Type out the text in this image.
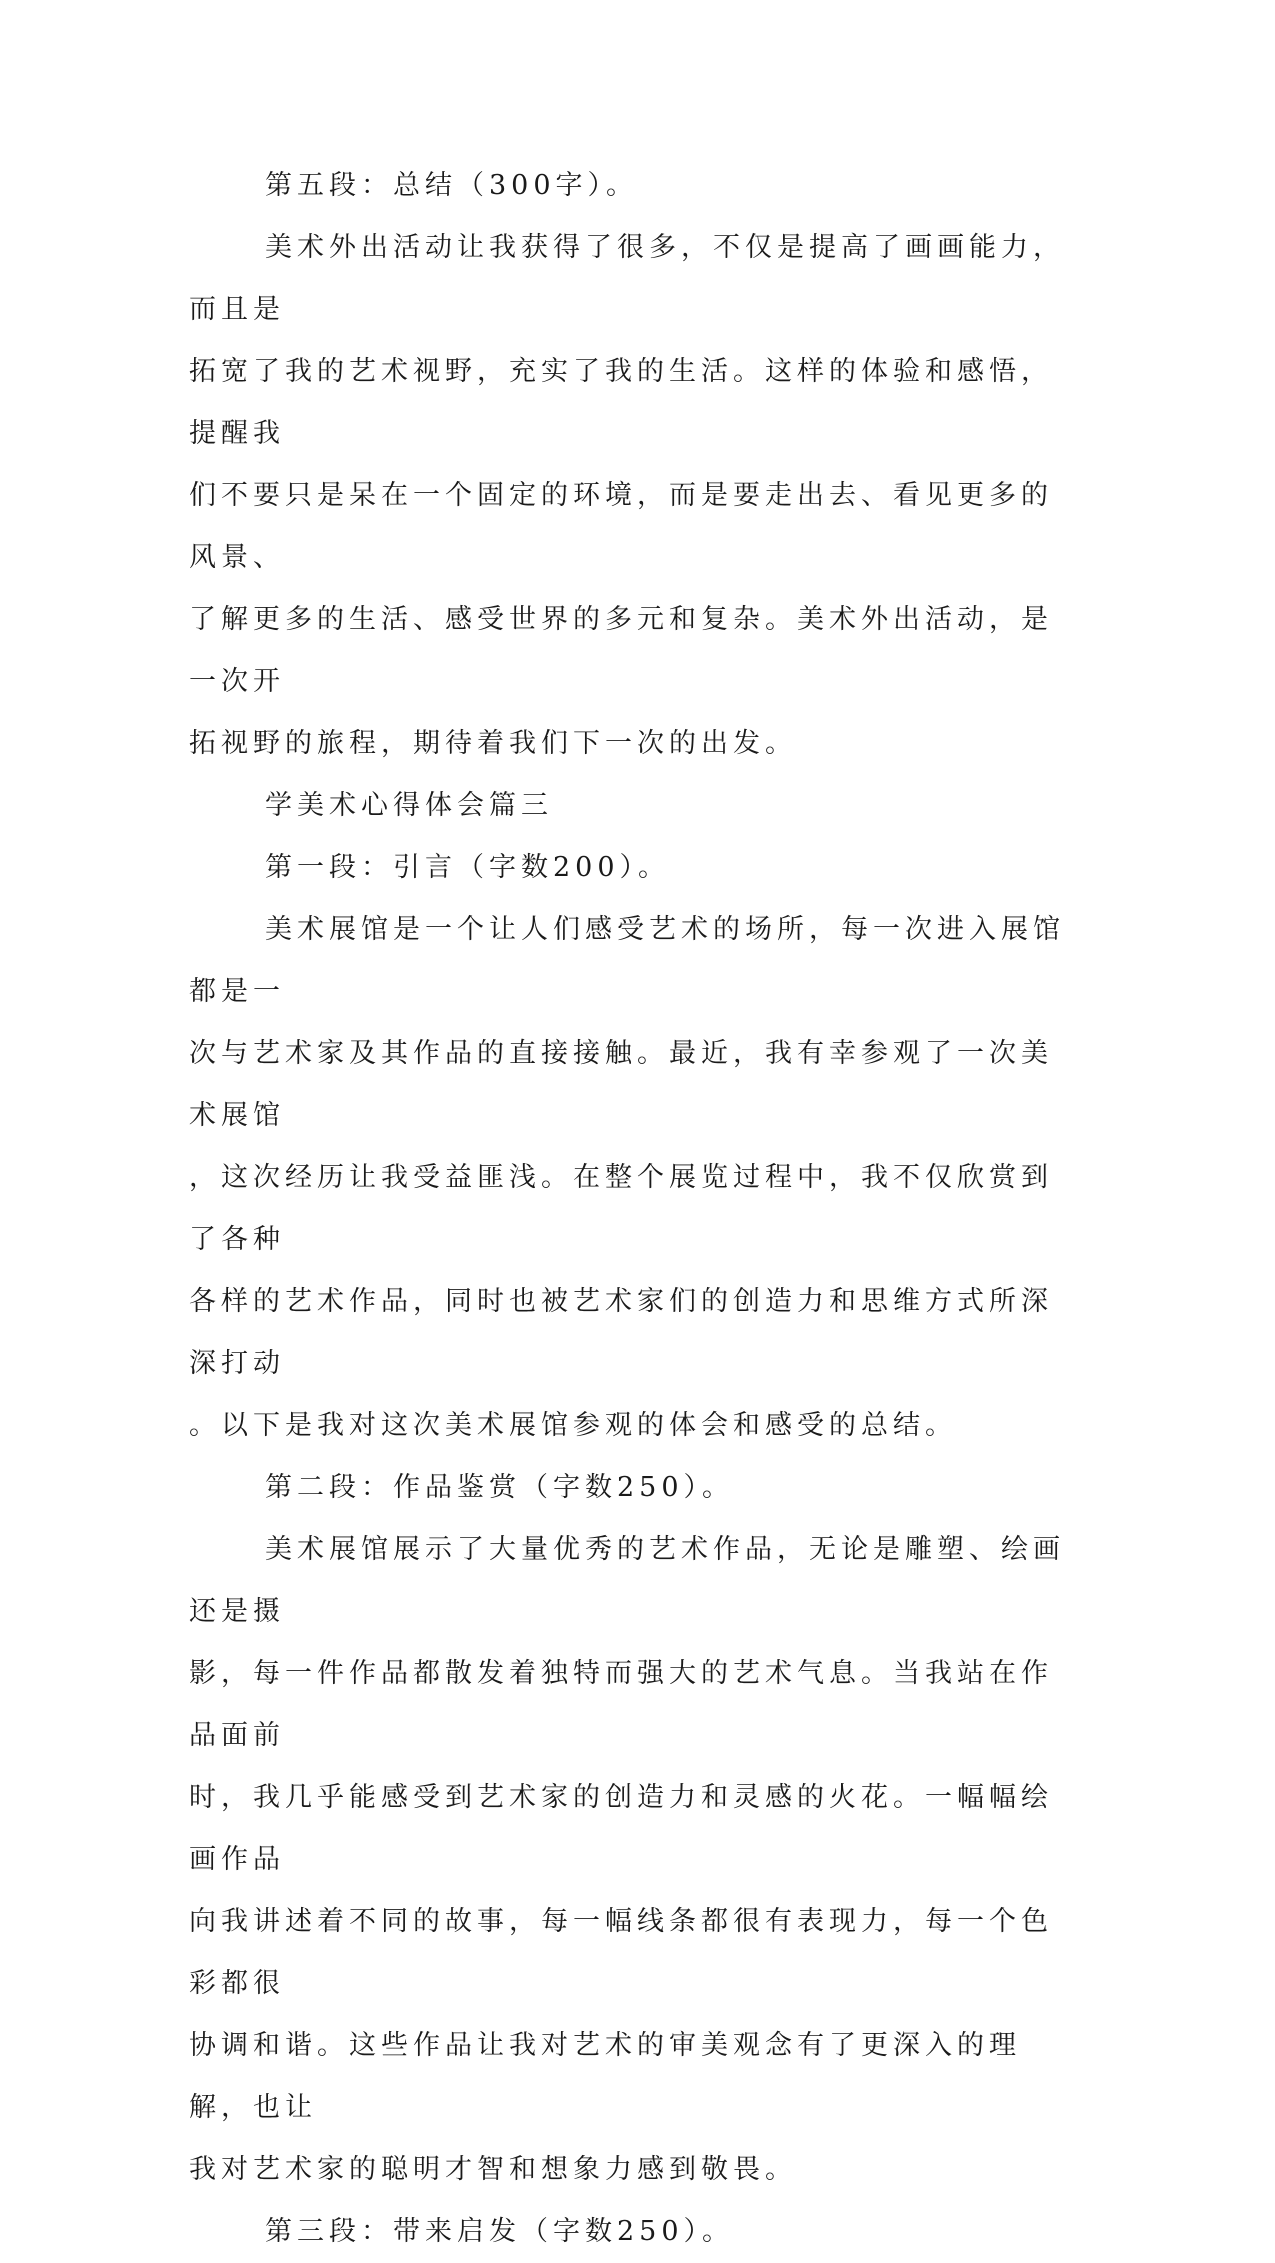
第五段：总结（300字）。

美术外出活动让我获得了很多，不仅是提高了画画能力，而且是

拓宽了我的艺术视野，充实了我的生活。这样的体验和感悟，提醒我

们不要只是呆在一个固定的环境，而是要走出去、看见更多的风景、

了解更多的生活、感受世界的多元和复杂。美术外出活动，是一次开

拓视野的旅程，期待着我们下一次的出发。

学美术心得体会篇三

第一段：引言（字数200）。

美术展馆是一个让人们感受艺术的场所，每一次进入展馆都是一

次与艺术家及其作品的直接接触。最近，我有幸参观了一次美术展馆

，这次经历让我受益匪浅。在整个展览过程中，我不仅欣赏到了各种

各样的艺术作品，同时也被艺术家们的创造力和思维方式所深深打动

。以下是我对这次美术展馆参观的体会和感受的总结。

第二段：作品鉴赏（字数250）。

美术展馆展示了大量优秀的艺术作品，无论是雕塑、绘画还是摄

影，每一件作品都散发着独特而强大的艺术气息。当我站在作品面前

时，我几乎能感受到艺术家的创造力和灵感的火花。一幅幅绘画作品

向我讲述着不同的故事，每一幅线条都很有表现力，每一个色彩都很

协调和谐。这些作品让我对艺术的审美观念有了更深入的理解，也让

我对艺术家的聪明才智和想象力感到敬畏。

第三段：带来启发（字数250）。
